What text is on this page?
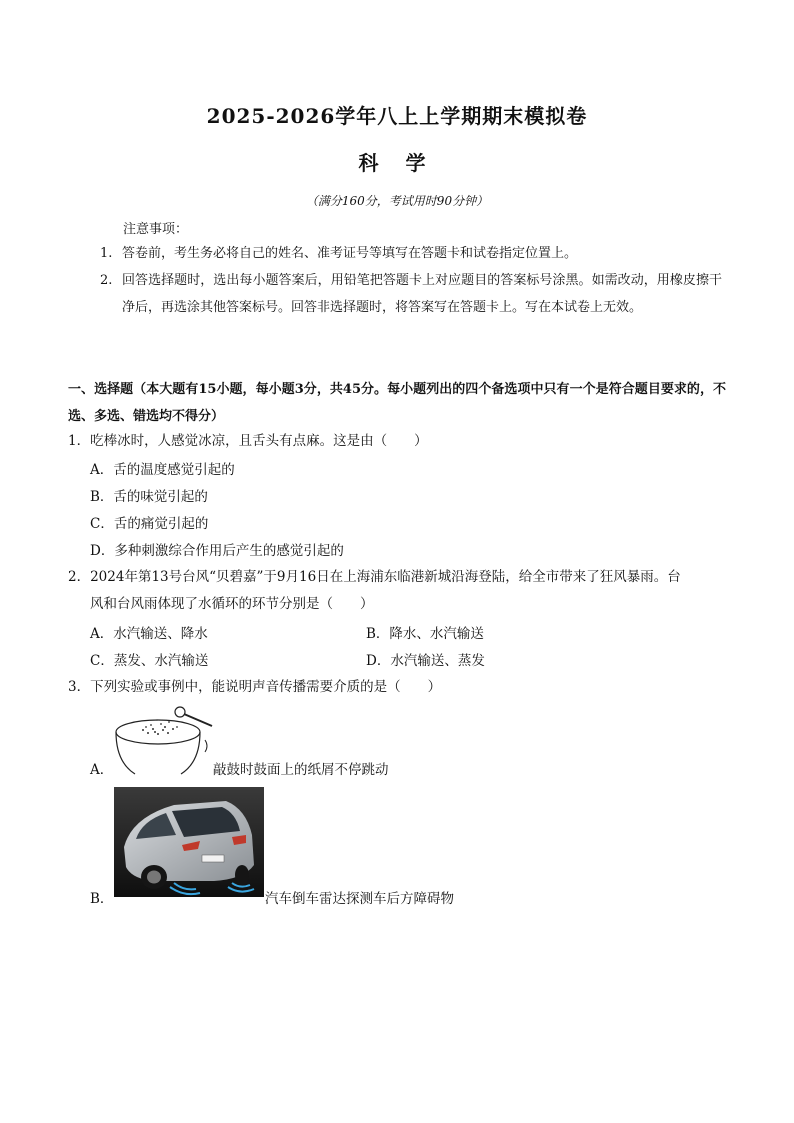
2025-2026学年八上上学期期末模拟卷
科 学
（满分160分，考试用时90分钟）
注意事项：
1. 答卷前，考生务必将自己的姓名、准考证号等填写在答题卡和试卷指定位置上。
2. 回答选择题时，选出每小题答案后，用铅笔把答题卡上对应题目的答案标号涂黑。如需改动，用橡皮擦干净后，再选涂其他答案标号。回答非选择题时，将答案写在答题卡上。写在本试卷上无效。
一、选择题（本大题有15小题，每小题3分，共45分。每小题列出的四个备选项中只有一个是符合题目要求的，不选、多选、错选均不得分）
1．吃棒冰时，人感觉冰凉，且舌头有点麻。这是由（　　）
A．舌的温度感觉引起的
B．舌的味觉引起的
C．舌的痛觉引起的
D．多种刺激综合作用后产生的感觉引起的
2．2024年第13号台风“贝碧嘉”于9月16日在上海浦东临港新城沿海登陆，给全市带来了狂风暴雨。台
风和台风雨体现了水循环的环节分别是（　　）
A．水汽输送、降水	B．降水、水汽输送
C．蒸发、水汽输送	D．水汽输送、蒸发
3．下列实验或事例中，能说明声音传播需要介质的是（　　）
A．	敲鼓时鼓面上的纸屑不停跳动
B．	汽车倒车雷达探测车后方障碍物
